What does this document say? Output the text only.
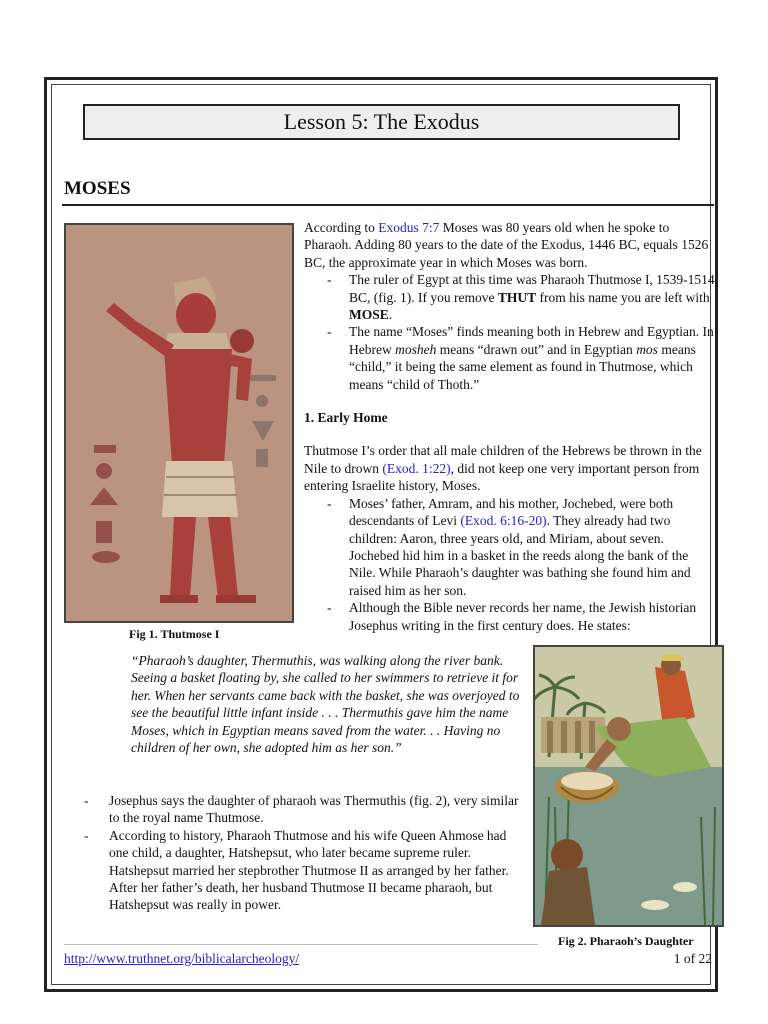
Lesson 5: The Exodus
MOSES
Fig 1. Thutmose I

According to Exodus 7:7 Moses was 80 years old when he spoke to Pharaoh. Adding 80 years to the date of the Exodus, 1446 BC, equals 1526 BC, the approximate year in which Moses was born.

- The ruler of Egypt at this time was Pharaoh Thutmose I, 1539-1514 BC, (fig. 1). If you remove THUT from his name you are left with MOSE.
- The name “Moses” finds meaning both in Hebrew and Egyptian. In Hebrew mosheh means “drawn out” and in Egyptian mos means “child,” it being the same element as found in Thutmose, which means “child of Thoth.”

1. Early Home

Thutmose I’s order that all male children of the Hebrews be thrown in the Nile to drown (Exod. 1:22), did not keep one very important person from entering Israelite history, Moses.

- Moses’ father, Amram, and his mother, Jochebed, were both descendants of Levi (Exod. 6:16-20). They already had two children: Aaron, three years old, and Miriam, about seven. Jochebed hid him in a basket in the reeds along the bank of the Nile. While Pharaoh’s daughter was bathing she found him and raised him as her son.
- Although the Bible never records her name, the Jewish historian Josephus writing in the first century does. He states:
“Pharaoh’s daughter, Thermuthis, was walking along the river bank. Seeing a basket floating by, she called to her swimmers to retrieve it for her. When her servants came back with the basket, she was overjoyed to see the beautiful little infant inside . . . Thermuthis gave him the name Moses, which in Egyptian means saved from the water. . . Having no children of her own, she adopted him as her son.”
Fig 2. Pharaoh’s Daughter
- Josephus says the daughter of pharaoh was Thermuthis (fig. 2), very similar to the royal name Thutmose.
- According to history, Pharaoh Thutmose and his wife Queen Ahmose had one child, a daughter, Hatshepsut, who later became supreme ruler. Hatshepsut married her stepbrother Thutmose II as arranged by her father. After her father’s death, her husband Thutmose II became pharaoh, but Hatshepsut was really in power.
http://www.truthnet.org/biblicalarcheology/	1 of 22
